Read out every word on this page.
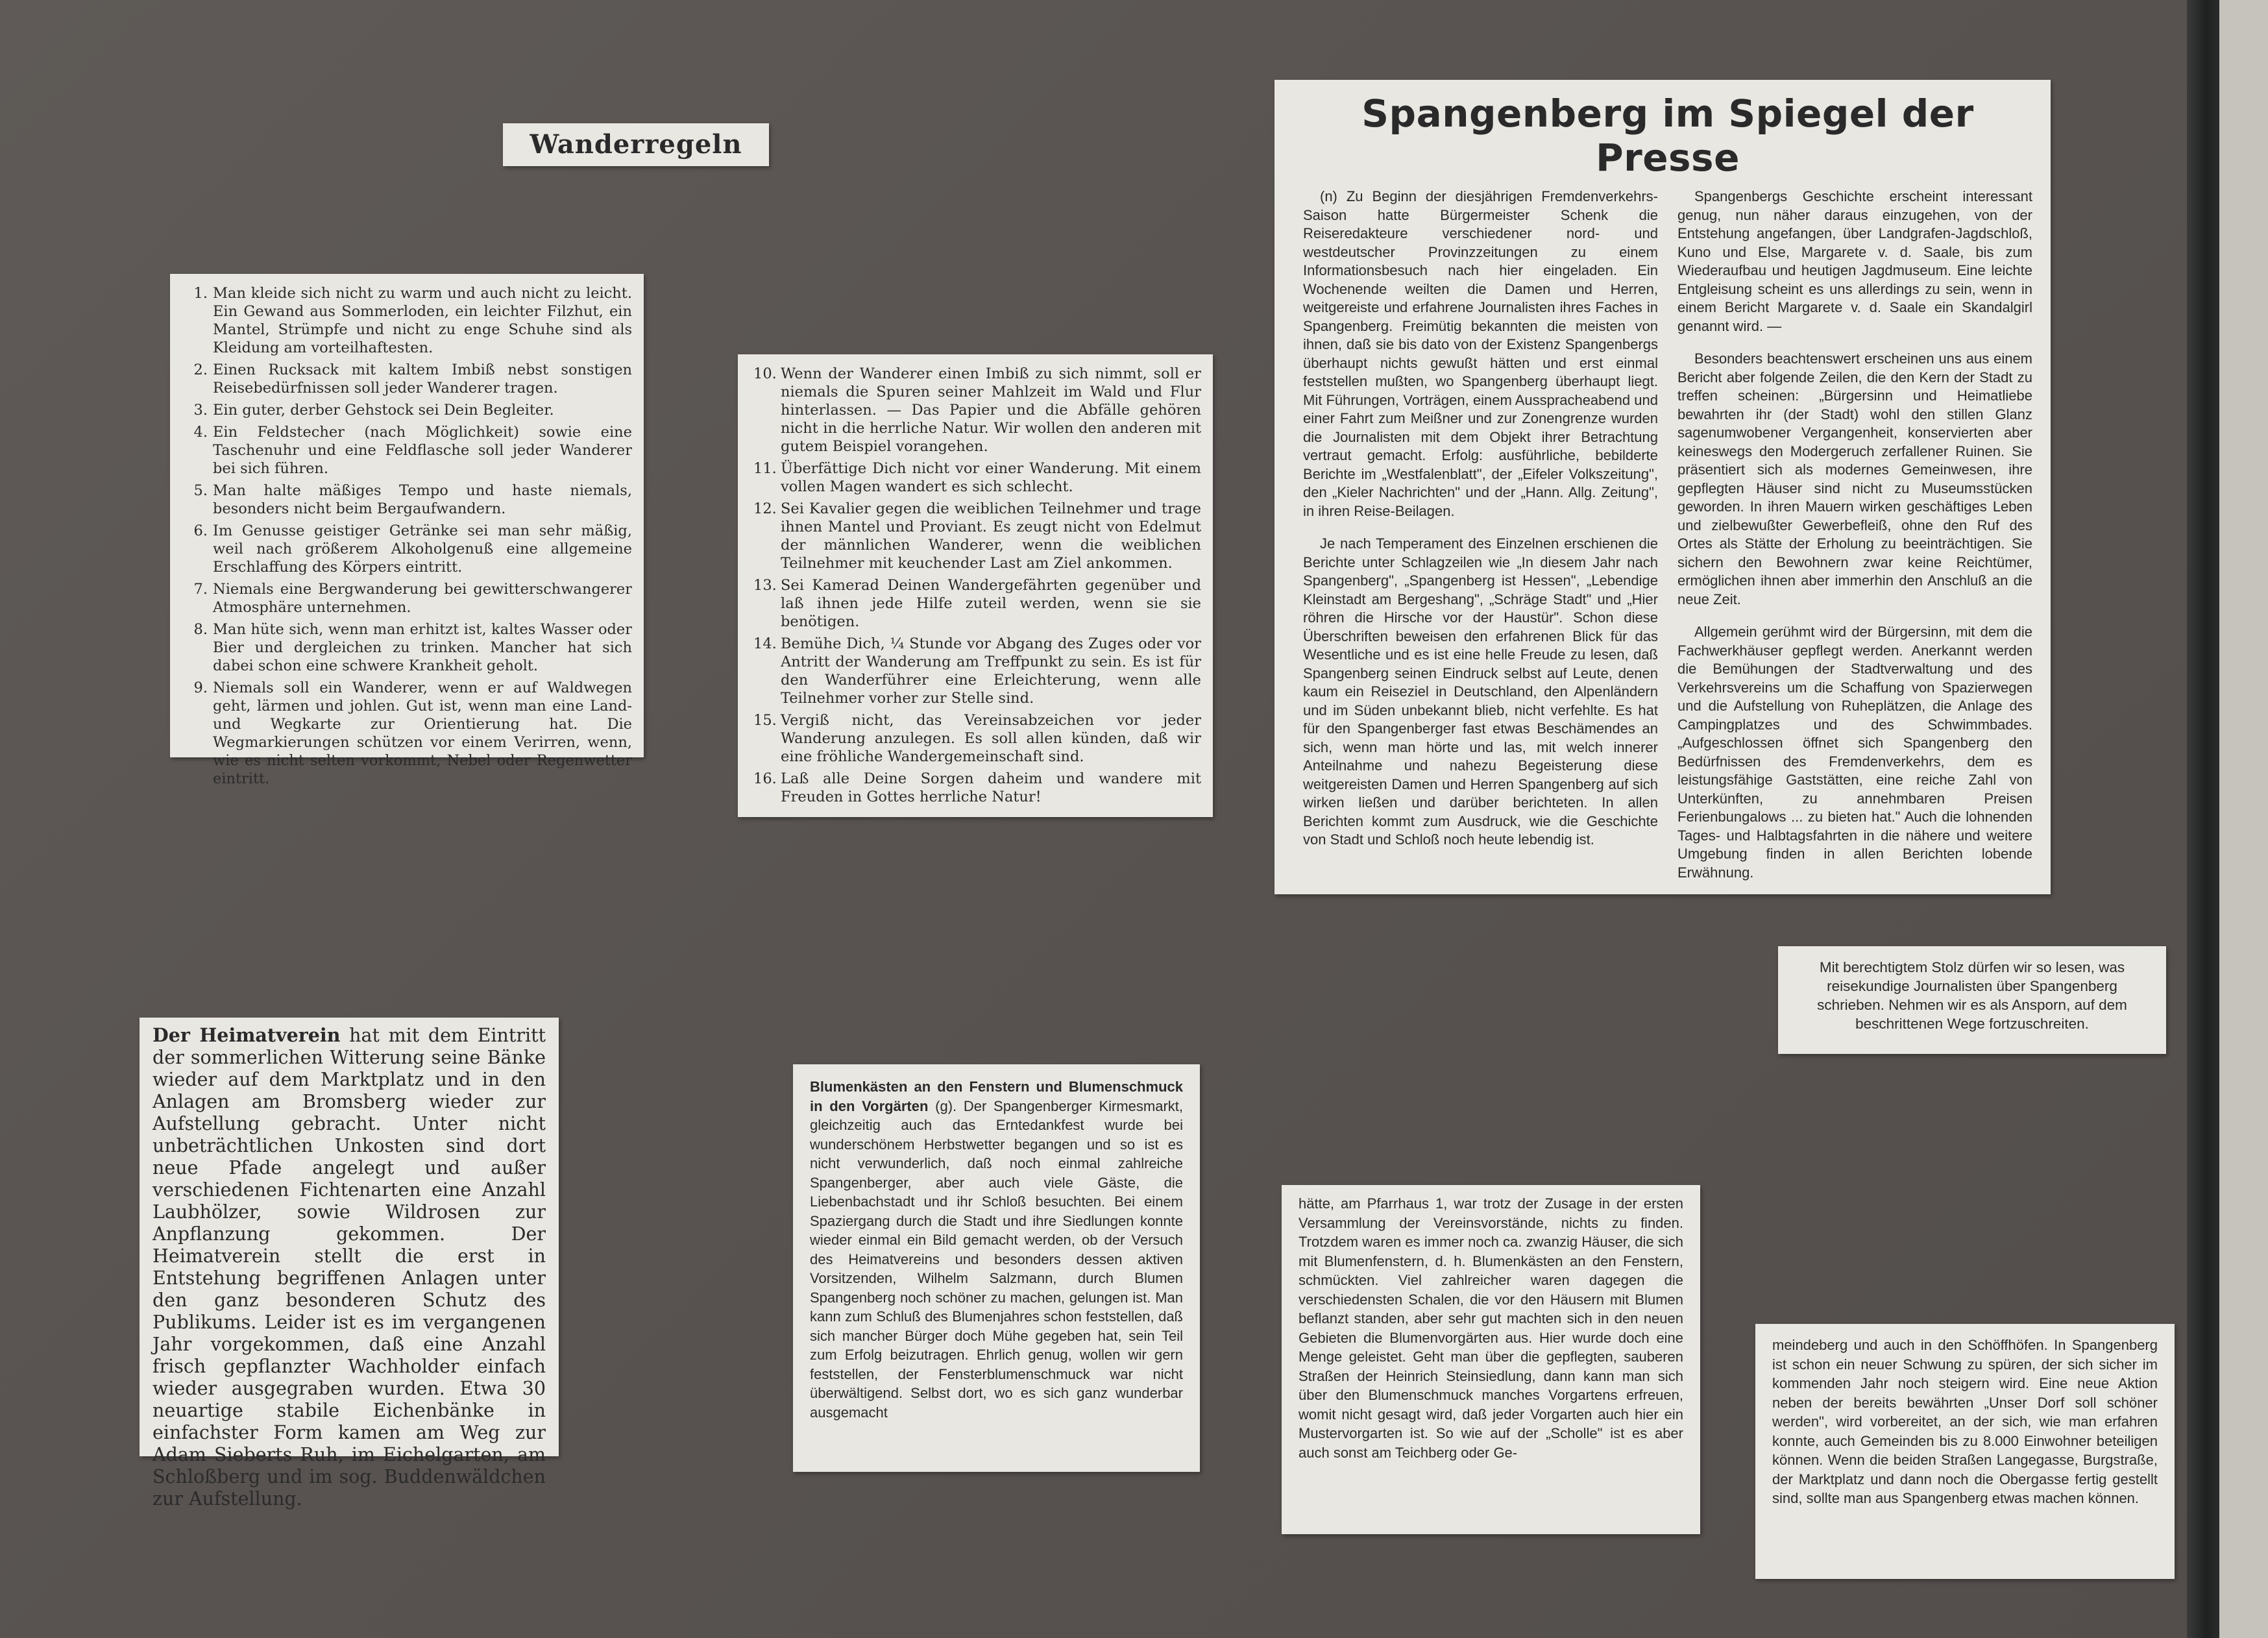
Wanderregeln
1. Man kleide sich nicht zu warm und auch nicht zu leicht. Ein Gewand aus Sommerloden, ein leichter Filzhut, ein Mantel, Strümpfe und nicht zu enge Schuhe sind als Kleidung am vorteilhaftesten.
2. Einen Rucksack mit kaltem Imbiß nebst sonstigen Reisebedürfnissen soll jeder Wanderer tragen.
3. Ein guter, derber Gehstock sei Dein Begleiter.
4. Ein Feldstecher (nach Möglichkeit) sowie eine Taschenuhr und eine Feldflasche soll jeder Wanderer bei sich führen.
5. Man halte mäßiges Tempo und haste niemals, besonders nicht beim Bergaufwandern.
6. Im Genusse geistiger Getränke sei man sehr mäßig, weil nach größerem Alkoholgenuß eine allgemeine Erschlaffung des Körpers eintritt.
7. Niemals eine Bergwanderung bei gewitterschwangerer Atmosphäre unternehmen.
8. Man hüte sich, wenn man erhitzt ist, kaltes Wasser oder Bier und dergleichen zu trinken. Mancher hat sich dabei schon eine schwere Krankheit geholt.
9. Niemals soll ein Wanderer, wenn er auf Waldwegen geht, lärmen und johlen. Gut ist, wenn man eine Land- und Wegkarte zur Orientierung hat. Die Wegmarkierungen schützen vor einem Verirren, wenn, wie es nicht selten vorkommt, Nebel oder Regenwetter eintritt.
10. Wenn der Wanderer einen Imbiß zu sich nimmt, soll er niemals die Spuren seiner Mahlzeit im Wald und Flur hinterlassen. — Das Papier und die Abfälle gehören nicht in die herrliche Natur. Wir wollen den anderen mit gutem Beispiel vorangehen.
11. Überfättige Dich nicht vor einer Wanderung. Mit einem vollen Magen wandert es sich schlecht.
12. Sei Kavalier gegen die weiblichen Teilnehmer und trage ihnen Mantel und Proviant. Es zeugt nicht von Edelmut der männlichen Wanderer, wenn die weiblichen Teilnehmer mit keuchender Last am Ziel ankommen.
13. Sei Kamerad Deinen Wandergefährten gegenüber und laß ihnen jede Hilfe zuteil werden, wenn sie sie benötigen.
14. Bemühe Dich, ¼ Stunde vor Abgang des Zuges oder vor Antritt der Wanderung am Treffpunkt zu sein. Es ist für den Wanderführer eine Erleichterung, wenn alle Teilnehmer vorher zur Stelle sind.
15. Vergiß nicht, das Vereinsabzeichen vor jeder Wanderung anzulegen. Es soll allen künden, daß wir eine fröhliche Wandergemeinschaft sind.
16. Laß alle Deine Sorgen daheim und wandere mit Freuden in Gottes herrliche Natur!
Spangenberg im Spiegel der Presse

(n) Zu Beginn der diesjährigen Fremdenverkehrs-Saison hatte Bürgermeister Schenk die Reiseredakteure verschiedener nord- und westdeutscher Provinzzeitungen zu einem Informationsbesuch nach hier eingeladen. Ein Wochenende weilten die Damen und Herren, weitgereiste und erfahrene Journalisten ihres Faches in Spangenberg. Freimütig bekannten die meisten von ihnen, daß sie bis dato von der Existenz Spangenbergs überhaupt nichts gewußt hätten und erst einmal feststellen mußten, wo Spangenberg überhaupt liegt. Mit Führungen, Vorträgen, einem Aussprachеabend und einer Fahrt zum Meißner und zur Zonengrenze wurden die Journalisten mit dem Objekt ihrer Betrachtung vertraut gemacht. Erfolg: ausführliche, bebilderte Berichte im „Westfalenblatt", der „Eifeler Volkszeitung", den „Kieler Nachrichten" und der „Hann. Allg. Zeitung", in ihren Reise-Beilagen.

Je nach Temperament des Einzelnen erschienen die Berichte unter Schlagzeilen wie „In diesem Jahr nach Spangenberg", „Spangenberg ist Hessen", „Lebendige Kleinstadt am Bergeshang", „Schräge Stadt" und „Hier röhren die Hirsche vor der Haustür". Schon diese Überschriften beweisen den erfahrenen Blick für das Wesentliche und es ist eine helle Freude zu lesen, daß Spangenberg seinen Eindruck selbst auf Leute, denen kaum ein Reiseziel in Deutschland, den Alpenländern und im Süden unbekannt blieb, nicht verfehlte. Es hat für den Spangenberger fast etwas Beschämendes an sich, wenn man hörte und las, mit welch innerer Anteilnahme und nahezu Begeisterung diese weitgereisten Damen und Herren Spangenberg auf sich wirken ließen und darüber berichteten. In allen Berichten kommt zum Ausdruck, wie die Geschichte von Stadt und Schloß noch heute lebendig ist.

Spangenbergs Geschichte erscheint interessant genug, nun näher daraus einzugehen, von der Entstehung angefangen, über Landgrafen-Jagdschloß, Kuno und Else, Margarete v. d. Saale, bis zum Wiederaufbau und heutigen Jagdmuseum. Eine leichte Entgleisung scheint es uns allerdings zu sein, wenn in einem Bericht Margarete v. d. Saale ein Skandalgirl genannt wird. —

Besonders beachtenswert erscheinen uns aus einem Bericht aber folgende Zeilen, die den Kern der Stadt zu treffen scheinen: „Bürgersinn und Heimatliebe bewahrten ihr (der Stadt) wohl den stillen Glanz sagenumwobener Vergangenheit, konservierten aber keineswegs den Modergeruch zerfallener Ruinen. Sie präsentiert sich als modernes Gemeinwesen, ihre gepflegten Häuser sind nicht zu Museumsstücken geworden. In ihren Mauern wirken geschäftiges Leben und zielbewußter Gewerbefleiß, ohne den Ruf des Ortes als Stätte der Erholung zu beeinträchtigen. Sie sichern den Bewohnern zwar keine Reichtümer, ermöglichen ihnen aber immerhin den Anschluß an die neue Zeit.

Allgemein gerühmt wird der Bürgersinn, mit dem die Fachwerkhäuser gepflegt werden. Anerkannt werden die Bemühungen der Stadtverwaltung und des Verkehrsvereins um die Schaffung von Spazierwegen und die Aufstellung von Ruheplätzen, die Anlage des Campingplatzes und des Schwimmbades. „Aufgeschlossen öffnet sich Spangenberg den Bedürfnissen des Fremdenverkehrs, dem es leistungsfähige Gaststätten, eine reiche Zahl von Unterkünften, zu annehmbaren Preisen Ferienbungalows ... zu bieten hat." Auch die lohnenden Tages- und Halbtagsfahrten in die nähere und weitere Umgebung finden in allen Berichten lobende Erwähnung.

Mit berechtigtem Stolz dürfen wir so lesen, was reisekundige Journalisten über Spangenberg schrieben. Nehmen wir es als Ansporn, auf dem beschrittenen Wege fortzuschreiten.

Der Heimatverein hat mit dem Eintritt der sommerlichen Witterung seine Bänke wieder auf dem Marktplatz und in den Anlagen am Bromsberg wieder zur Aufstellung gebracht. Unter nicht unbeträchtlichen Unkosten sind dort neue Pfade angelegt und außer verschiedenen Fichtenarten eine Anzahl Laubhölzer, sowie Wildrosen zur Anpflanzung gekommen. Der Heimatverein stellt die erst in Entstehung begriffenen Anlagen unter den ganz besonderen Schutz des Publikums. Leider ist es im vergangenen Jahr vorgekommen, daß eine Anzahl frisch gepflanzter Wachholder einfach wieder ausgegraben wurden. Etwa 30 neuartige stabile Eichenbänke in einfachster Form kamen am Weg zur Adam Sieberts Ruh, im Eichelgarten, am Schloßberg und im sog. Buddenwäldchen zur Aufstellung.

Blumenkästen an den Fenstern und Blumenschmuck in den Vorgärten (g). Der Spangenberger Kirmesmarkt, gleichzeitig auch das Erntedankfest wurde bei wunderschönem Herbstwetter begangen und so ist es nicht verwunderlich, daß noch einmal zahlreiche Spangenberger, aber auch viele Gäste, die Liebenbachstadt und ihr Schloß besuchten. Bei einem Spaziergang durch die Stadt und ihre Siedlungen konnte wieder einmal ein Bild gemacht werden, ob der Versuch des Heimatvereins und besonders dessen aktiven Vorsitzenden, Wilhelm Salzmann, durch Blumen Spangenberg noch schöner zu machen, gelungen ist. Man kann zum Schluß des Blumenjahres schon feststellen, daß sich mancher Bürger doch Mühe gegeben hat, sein Teil zum Erfolg beizutragen. Ehrlich genug, wollen wir gern feststellen, der Fensterblumenschmuck war nicht überwältigend. Selbst dort, wo es sich ganz wunderbar ausgemacht

hätte, am Pfarrhaus 1, war trotz der Zusage in der ersten Versammlung der Vereinsvorstände, nichts zu finden. Trotzdem waren es immer noch ca. zwanzig Häuser, die sich mit Blumenfenstern, d. h. Blumenkästen an den Fenstern, schmückten. Viel zahlreicher waren dagegen die verschiedensten Schalen, die vor den Häusern mit Blumen beflanzt standen, aber sehr gut machten sich in den neuen Gebieten die Blumenvorgärten aus. Hier wurde doch eine Menge geleistet. Geht man über die gepflegten, sauberen Straßen der Heinrich Steinsiedlung, dann kann man sich über den Blumenschmuck manches Vorgartens erfreuen, womit nicht gesagt wird, daß jeder Vorgarten auch hier ein Mustervorgarten ist. So wie auf der „Scholle" ist es aber auch sonst am Teichberg oder Ge-
meindeberg und auch in den Schöffhöfen. In Spangenberg ist schon ein neuer Schwung zu spüren, der sich sicher im kommenden Jahr noch steigern wird. Eine neue Aktion neben der bereits bewährten „Unser Dorf soll schöner werden", wird vorbereitet, an der sich, wie man erfahren konnte, auch Gemeinden bis zu 8.000 Einwohner beteiligen können. Wenn die beiden Straßen Langegasse, Burgstraße, der Marktplatz und dann noch die Obergasse fertig gestellt sind, sollte man aus Spangenberg etwas machen können.
